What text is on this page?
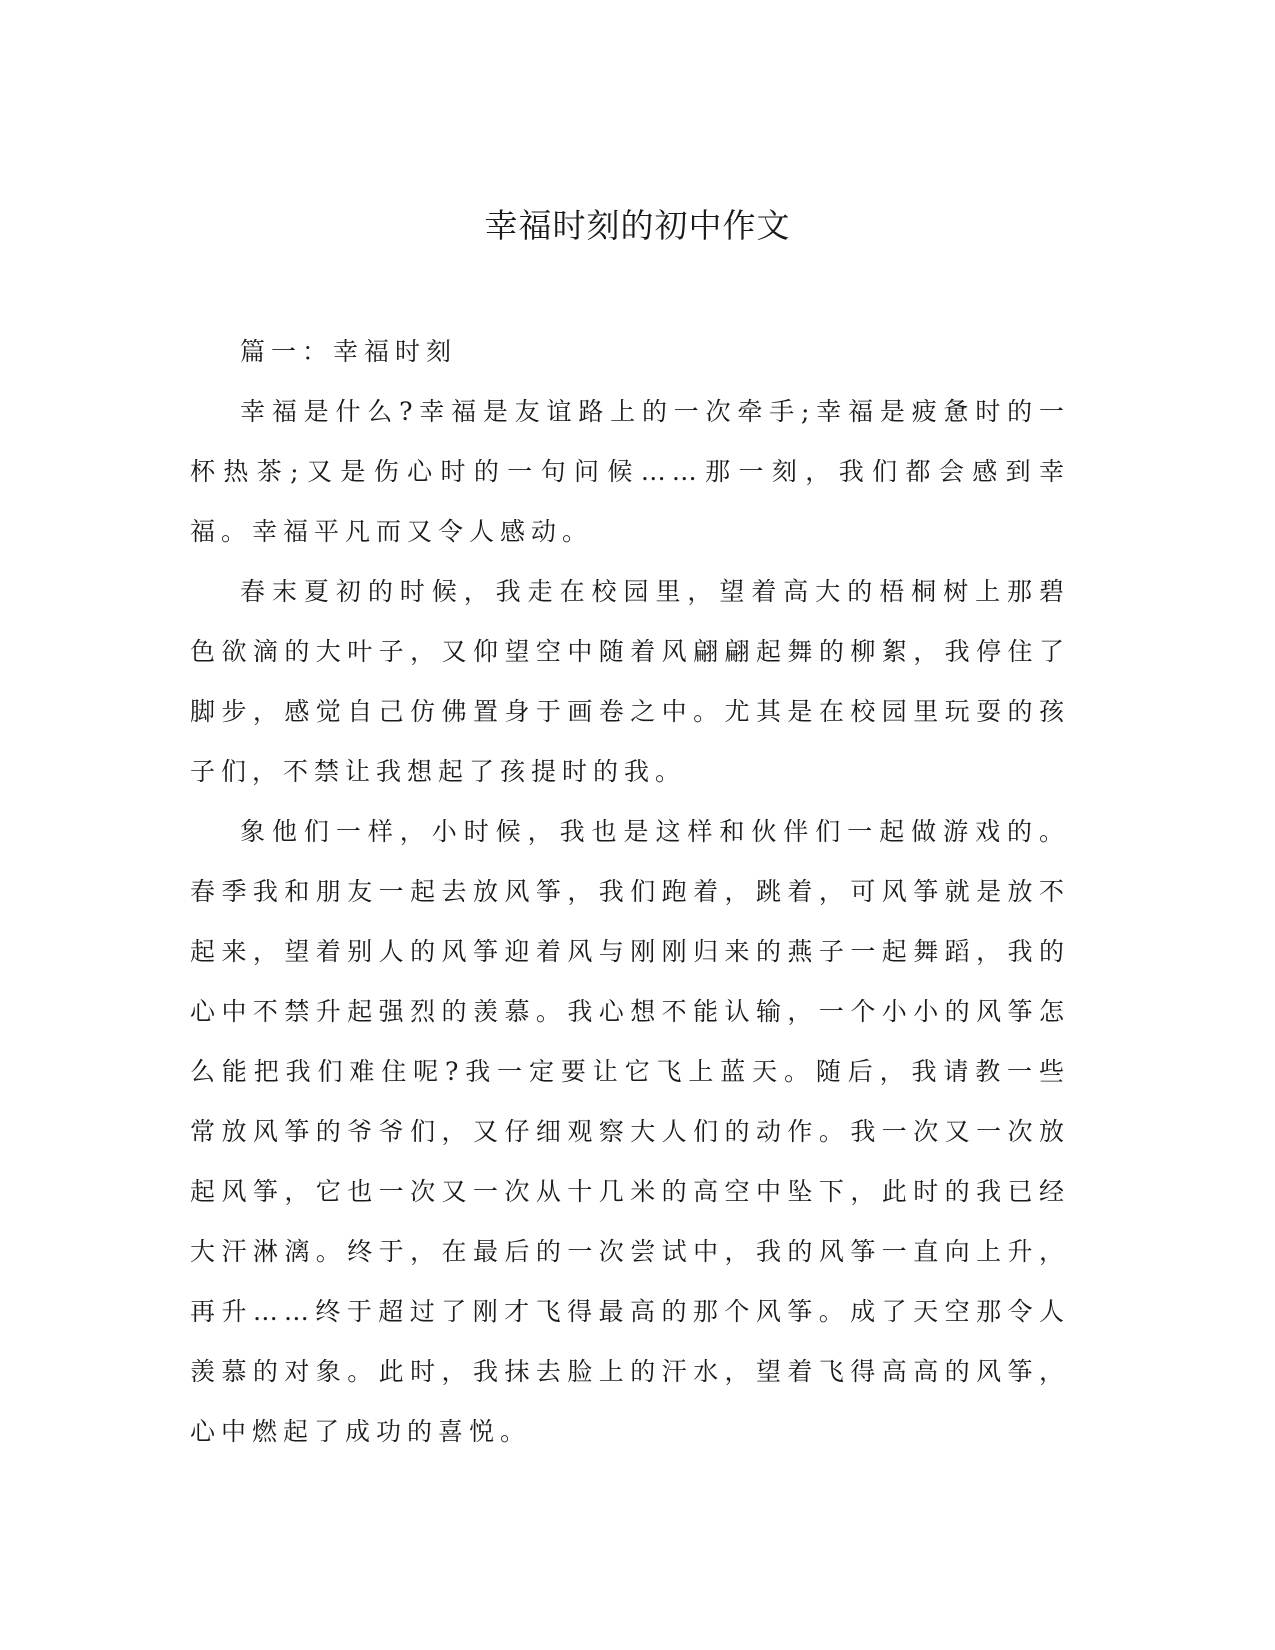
幸福时刻的初中作文

篇一：幸福时刻

幸福是什么?幸福是友谊路上的一次牵手;幸福是疲惫时的一杯热茶;又是伤心时的一句问候……那一刻，我们都会感到幸福。幸福平凡而又令人感动。

春末夏初的时候，我走在校园里，望着高大的梧桐树上那碧色欲滴的大叶子，又仰望空中随着风翩翩起舞的柳絮，我停住了脚步，感觉自己仿佛置身于画卷之中。尤其是在校园里玩耍的孩子们，不禁让我想起了孩提时的我。

象他们一样，小时候，我也是这样和伙伴们一起做游戏的。春季我和朋友一起去放风筝，我们跑着，跳着，可风筝就是放不起来，望着别人的风筝迎着风与刚刚归来的燕子一起舞蹈，我的心中不禁升起强烈的羡慕。我心想不能认输，一个小小的风筝怎么能把我们难住呢?我一定要让它飞上蓝天。随后，我请教一些常放风筝的爷爷们，又仔细观察大人们的动作。我一次又一次放起风筝，它也一次又一次从十几米的高空中坠下，此时的我已经大汗淋漓。终于，在最后的一次尝试中，我的风筝一直向上升，再升……终于超过了刚才飞得最高的那个风筝。成了天空那令人羡慕的对象。此时，我抹去脸上的汗水，望着飞得高高的风筝，心中燃起了成功的喜悦。
